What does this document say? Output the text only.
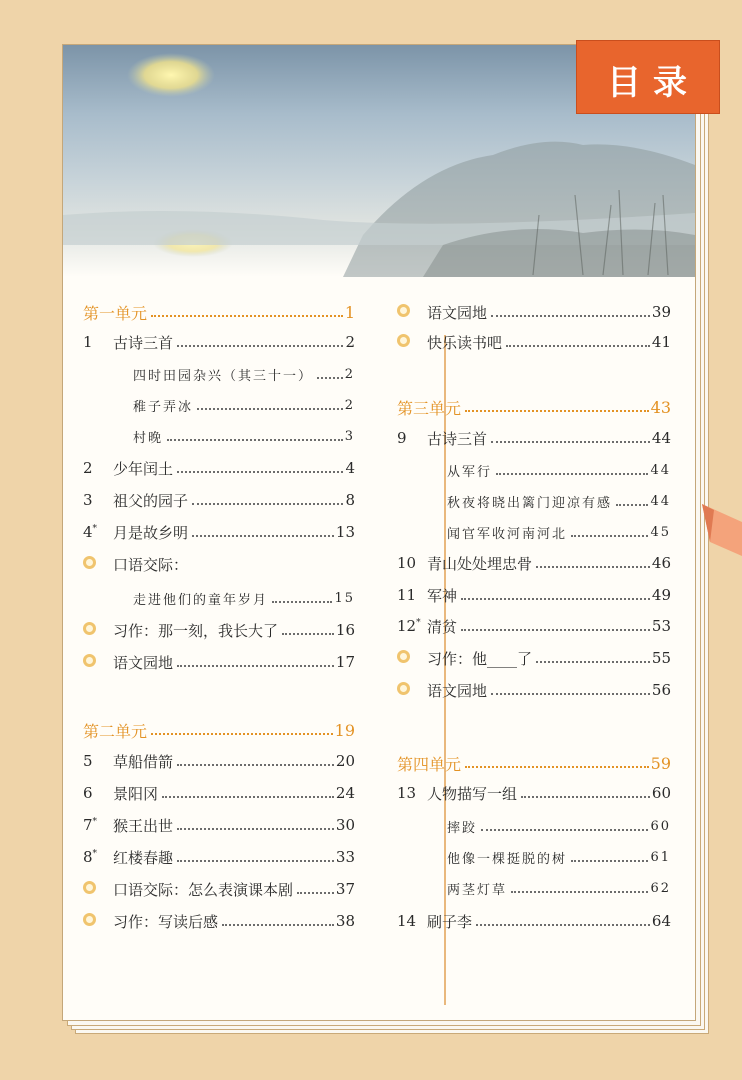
第一单元	1
1	古诗三首	2
四时田园杂兴（其三十一） 2
稚子弄冰	2
村晚	3
2	少年闰土	4
3	祖父的园子	8
4*	月是故乡明	13
口语交际：
走进他们的童年岁月	15
习作：那一刻，我长大了	16
语文园地	17
第二单元	19
5	草船借箭	20
6	景阳冈	24
7*	猴王出世	30
8*	红楼春趣	33
口语交际：怎么表演课本剧	37
习作：写读后感	38
语文园地	39
快乐读书吧	41
第三单元	43
9	古诗三首	44
从军行	44
秋夜将晓出篱门迎凉有感	44
闻官军收河南河北	45
10 青山处处埋忠骨	46
11 军神	49
12* 清贫	53
习作：他____了	55
语文园地	56
第四单元	59
13 人物描写一组	60
摔跤	60
他像一棵挺脱的树	61
两茎灯草	62
14 刷子李	64
目录
